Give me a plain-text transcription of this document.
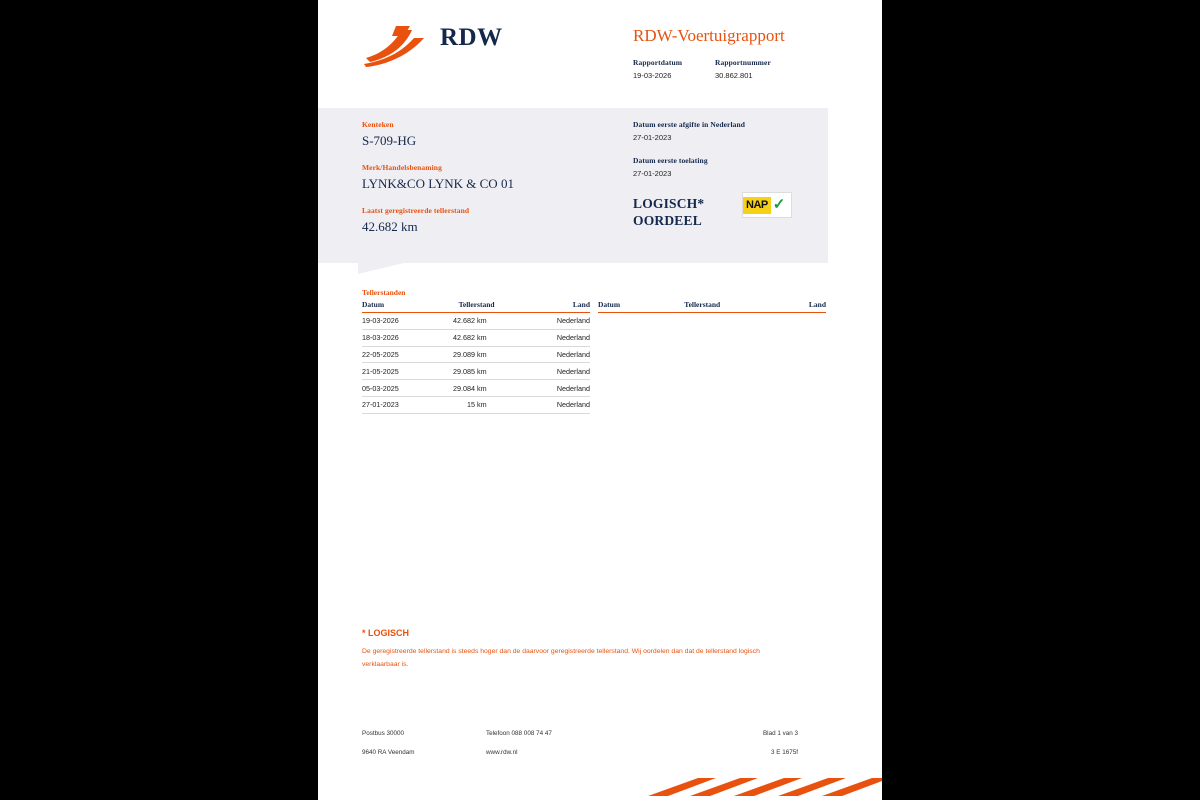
RDW	RDW-Voertuigrapport
Rapportdatum
19-03-2026
Rapportnummer
30.862.801
Kenteken
S-709-HG
Merk/Handelsbenaming
LYNK&CO LYNK & CO 01
Laatst geregistreerde tellerstand
42.682 km
Datum eerste afgifte in Nederland
27-01-2023
Datum eerste toelating
27-01-2023
LOGISCH*
OORDEEL
NAP ✓
Tellerstanden
Datum	Tellerstand	Land
19-03-2026	42.682 km	Nederland
18-03-2026	42.682 km	Nederland
22-05-2025	29.089 km	Nederland
21-05-2025	29.085 km	Nederland
05-03-2025	29.084 km	Nederland
27-01-2023	15 km	Nederland
Datum	Tellerstand	Land
* LOGISCH
De geregistreerde tellerstand is steeds hoger dan de daarvoor geregistreerde tellerstand. Wij oordelen dan dat de tellerstand logisch verklaarbaar is.
Postbus 30000
9640 RA Veendam
Telefoon 088 008 74 47
www.rdw.nl
Blad 1 van 3
3 E 1675f
